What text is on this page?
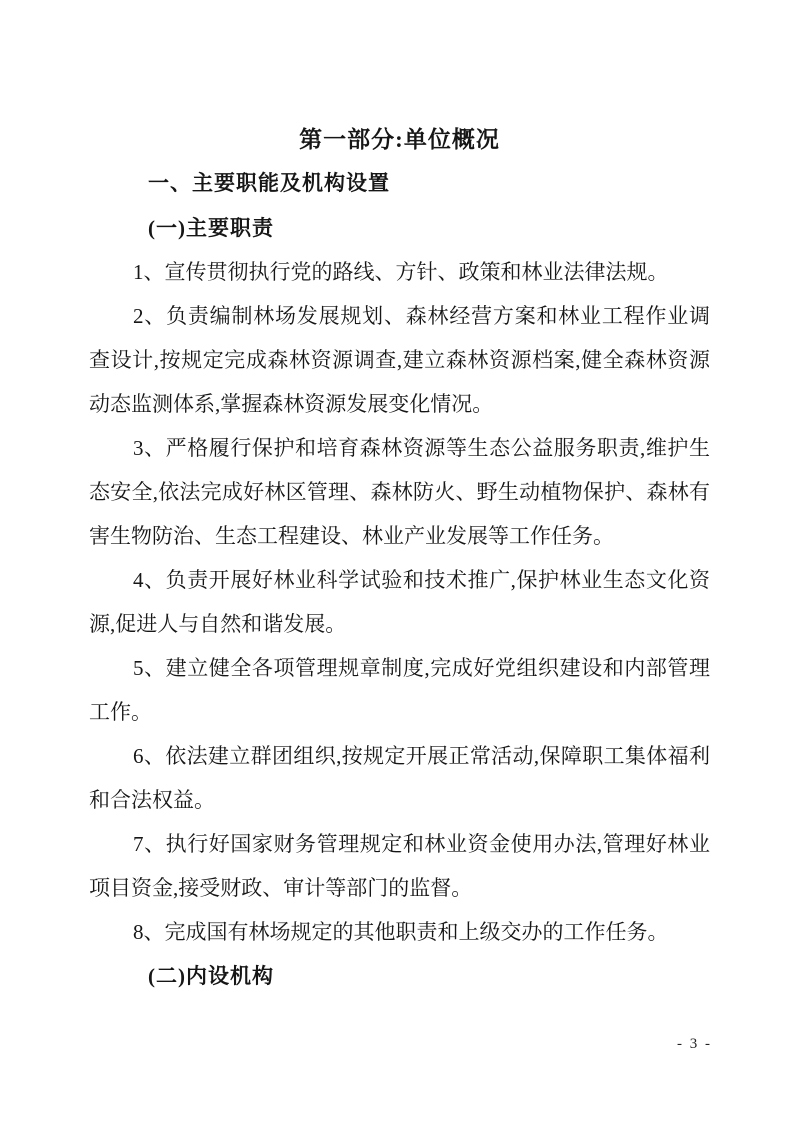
第一部分:单位概况
一、主要职能及机构设置
(一)主要职责

1、宣传贯彻执行党的路线、方针、政策和林业法律法规。

2、负责编制林场发展规划、森林经营方案和林业工程作业调查设计,按规定完成森林资源调查,建立森林资源档案,健全森林资源动态监测体系,掌握森林资源发展变化情况。

3、严格履行保护和培育森林资源等生态公益服务职责,维护生态安全,依法完成好林区管理、森林防火、野生动植物保护、森林有害生物防治、生态工程建设、林业产业发展等工作任务。

4、负责开展好林业科学试验和技术推广,保护林业生态文化资源,促进人与自然和谐发展。

5、建立健全各项管理规章制度,完成好党组织建设和内部管理工作。

6、依法建立群团组织,按规定开展正常活动,保障职工集体福利和合法权益。

7、执行好国家财务管理规定和林业资金使用办法,管理好林业项目资金,接受财政、审计等部门的监督。

8、完成国有林场规定的其他职责和上级交办的工作任务。

(二)内设机构
- 3 -
